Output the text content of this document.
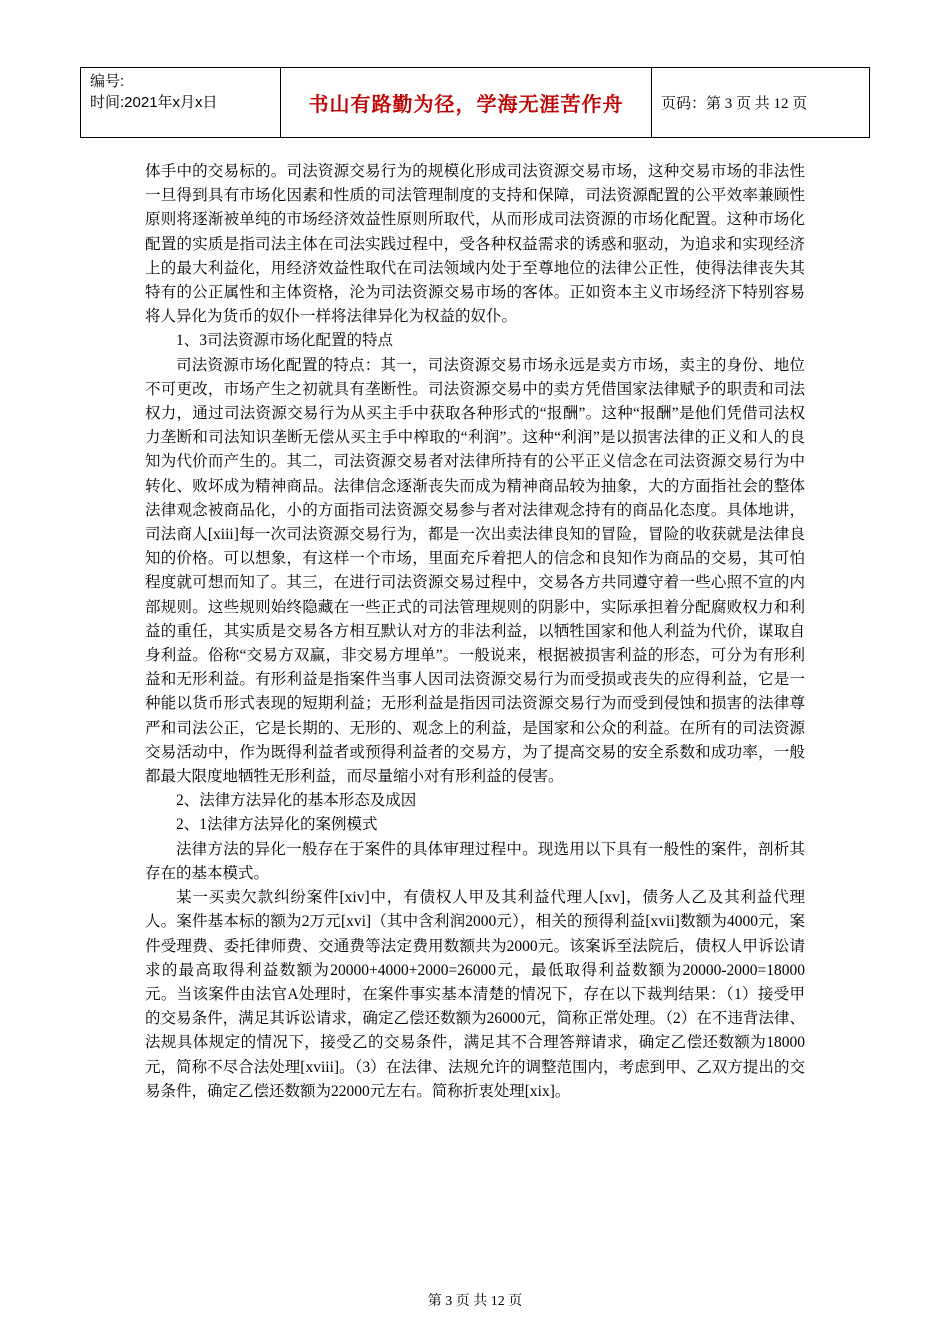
编号:
时间:2021年x月x日	书山有路勤为径，学海无涯苦作舟	页码：第 3 页 共 12 页

体手中的交易标的。司法资源交易行为的规模化形成司法资源交易市场，这种交易市场的非法性一旦得到具有市场化因素和性质的司法管理制度的支持和保障，司法资源配置的公平效率兼顾性原则将逐渐被单纯的市场经济效益性原则所取代，从而形成司法资源的市场化配置。这种市场化配置的实质是指司法主体在司法实践过程中，受各种权益需求的诱惑和驱动，为追求和实现经济上的最大利益化，用经济效益性取代在司法领域内处于至尊地位的法律公正性，使得法律丧失其特有的公正属性和主体资格，沦为司法资源交易市场的客体。正如资本主义市场经济下特别容易将人异化为货币的奴仆一样将法律异化为权益的奴仆。

1、3司法资源市场化配置的特点

司法资源市场化配置的特点：其一，司法资源交易市场永远是卖方市场，卖主的身份、地位不可更改，市场产生之初就具有垄断性。司法资源交易中的卖方凭借国家法律赋予的职责和司法权力，通过司法资源交易行为从买主手中获取各种形式的“报酬”。这种“报酬”是他们凭借司法权力垄断和司法知识垄断无偿从买主手中榨取的“利润”。这种“利润”是以损害法律的正义和人的良知为代价而产生的。其二，司法资源交易者对法律所持有的公平正义信念在司法资源交易行为中转化、败坏成为精神商品。法律信念逐渐丧失而成为精神商品较为抽象，大的方面指社会的整体法律观念被商品化，小的方面指司法资源交易参与者对法律观念持有的商品化态度。具体地讲，司法商人[xiii]每一次司法资源交易行为，都是一次出卖法律良知的冒险，冒险的收获就是法律良知的价格。可以想象，有这样一个市场，里面充斥着把人的信念和良知作为商品的交易，其可怕程度就可想而知了。其三，在进行司法资源交易过程中，交易各方共同遵守着一些心照不宣的内部规则。这些规则始终隐藏在一些正式的司法管理规则的阴影中，实际承担着分配腐败权力和利益的重任，其实质是交易各方相互默认对方的非法利益，以牺牲国家和他人利益为代价，谋取自身利益。俗称“交易方双赢，非交易方埋单”。一般说来，根据被损害利益的形态，可分为有形利益和无形利益。有形利益是指案件当事人因司法资源交易行为而受损或丧失的应得利益，它是一种能以货币形式表现的短期利益；无形利益是指因司法资源交易行为而受到侵蚀和损害的法律尊严和司法公正，它是长期的、无形的、观念上的利益，是国家和公众的利益。在所有的司法资源交易活动中，作为既得利益者或预得利益者的交易方，为了提高交易的安全系数和成功率，一般都最大限度地牺牲无形利益，而尽量缩小对有形利益的侵害。

2、法律方法异化的基本形态及成因

2、1法律方法异化的案例模式

法律方法的异化一般存在于案件的具体审理过程中。现选用以下具有一般性的案件，剖析其存在的基本模式。

某一买卖欠款纠纷案件[xiv]中，有债权人甲及其利益代理人[xv]，债务人乙及其利益代理人。案件基本标的额为2万元[xvi]（其中含利润2000元），相关的预得利益[xvii]数额为4000元，案件受理费、委托律师费、交通费等法定费用数额共为2000元。该案诉至法院后，债权人甲诉讼请求的最高取得利益数额为20000+4000+2000=26000元，最低取得利益数额为20000-2000=18000元。当该案件由法官A处理时，在案件事实基本清楚的情况下，存在以下裁判结果：（1）接受甲的交易条件，满足其诉讼请求，确定乙偿还数额为26000元，简称正常处理。（2）在不违背法律、法规具体规定的情况下，接受乙的交易条件，满足其不合理答辩请求，确定乙偿还数额为18000元，简称不尽合法处理[xviii]。（3）在法律、法规允许的调整范围内，考虑到甲、乙双方提出的交易条件，确定乙偿还数额为22000元左右。简称折衷处理[xix]。

第 3 页 共 12 页
